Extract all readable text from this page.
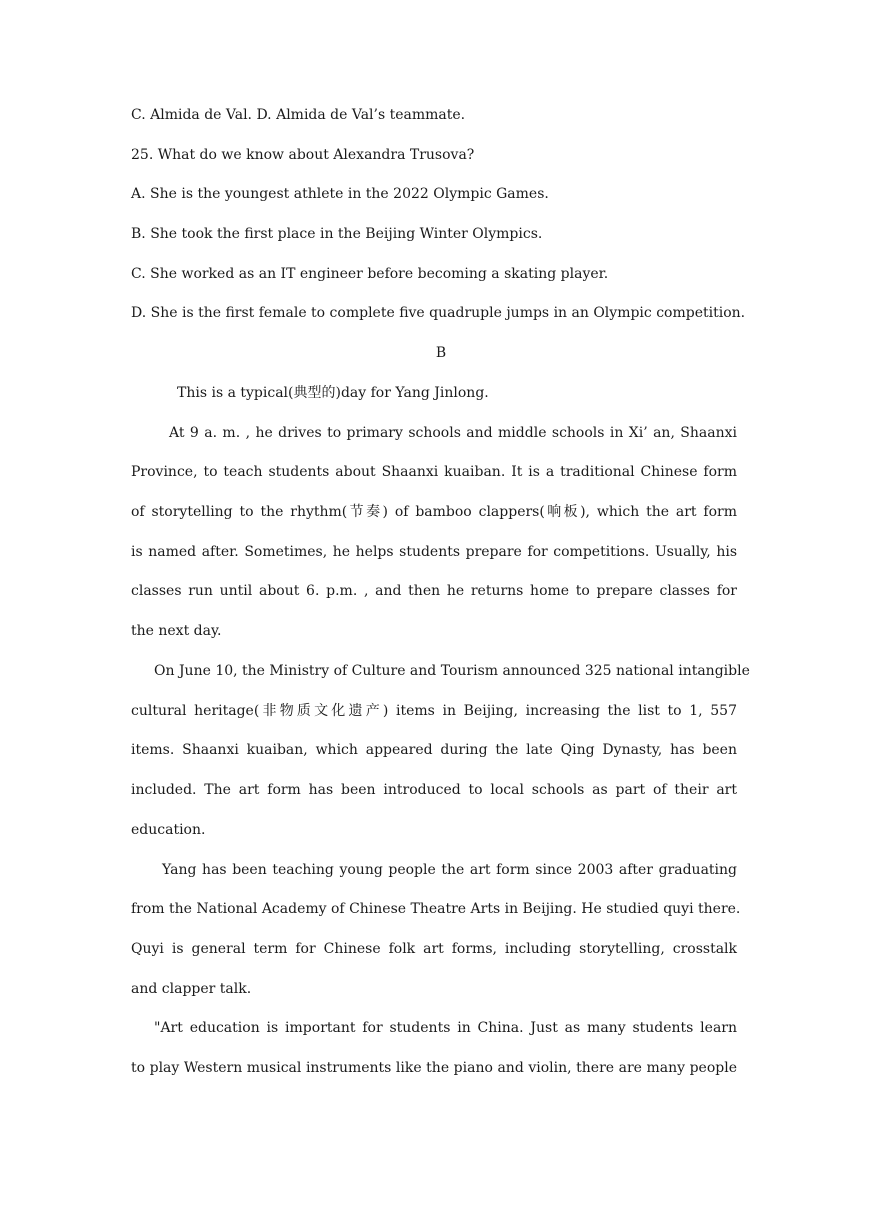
C. Almida de Val. D. Almida de Val’s teammate.
25. What do we know about Alexandra Trusova?
A. She is the youngest athlete in the 2022 Olympic Games.
B. She took the first place in the Beijing Winter Olympics.
C. She worked as an IT engineer before becoming a skating player.
D. She is the first female to complete five quadruple jumps in an Olympic competition.
B
This is a typical(典型的)day for Yang Jinlong.
At 9 a. m. , he drives to primary schools and middle schools in Xi’ an, Shaanxi
Province, to teach students about Shaanxi kuaiban. It is a traditional Chinese form
of storytelling to the rhythm(节奏) of bamboo clappers(响板), which the art form
is named after. Sometimes, he helps students prepare for competitions. Usually, his
classes run until about 6. p.m. , and then he returns home to prepare classes for
the next day.
On June 10, the Ministry of Culture and Tourism announced 325 national intangible
cultural heritage(非物质文化遗产) items in Beijing, increasing the list to 1, 557
items. Shaanxi kuaiban, which appeared during the late Qing Dynasty, has been
included. The art form has been introduced to local schools as part of their art
education.
Yang has been teaching young people the art form since 2003 after graduating
from the National Academy of Chinese Theatre Arts in Beijing. He studied quyi there.
Quyi is general term for Chinese folk art forms, including storytelling, crosstalk
and clapper talk.
"Art education is important for students in China. Just as many students learn
to play Western musical instruments like the piano and violin, there are many people
